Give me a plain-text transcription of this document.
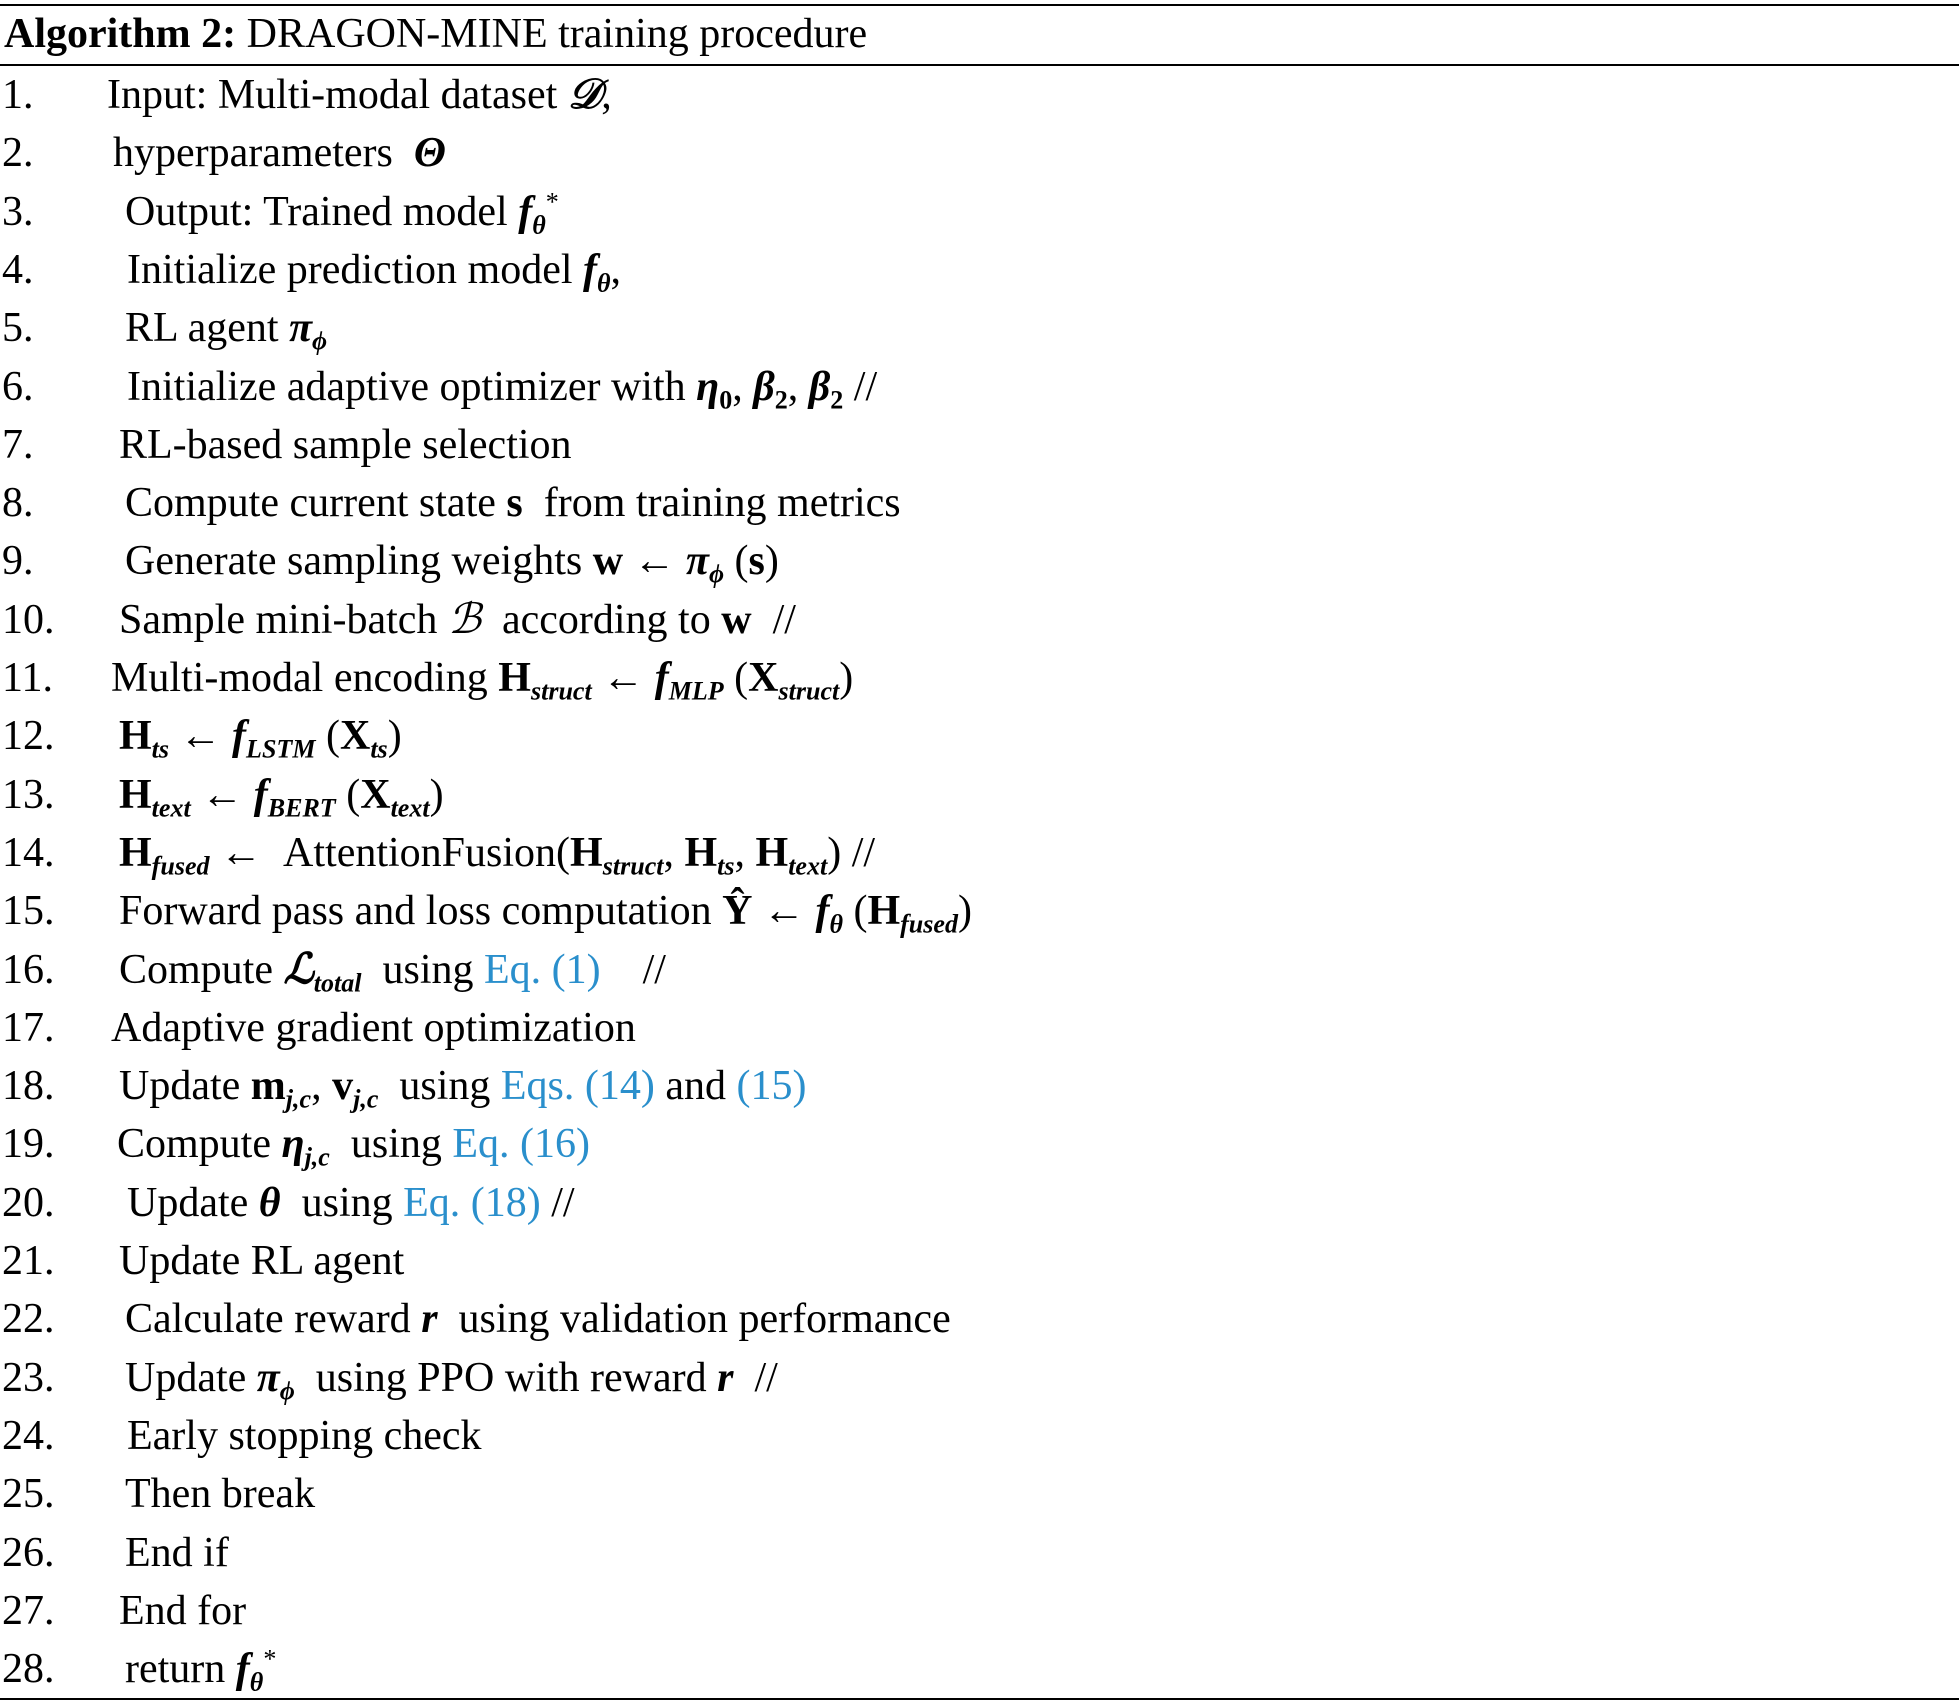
Algorithm 2: DRAGON-MINE training procedure
1. Input: Multi-modal dataset 𝒟,
2. hyperparameters  Θ
3. Output: Trained model $f_\theta^*$
4. Initialize prediction model $f_\theta$,
5. RL agent $\pi_\phi$
6. Initialize adaptive optimizer with $\eta_0$, $\beta_2$, $\beta_2$ //
7. RL-based sample selection
8. Compute current state s  from training metrics
9. Generate sampling weights w ← $\pi_\phi$ (s)
10. Sample mini-batch ℬ  according to w  //
11. Multi-modal encoding $H_{struct}$ ← $f_{MLP}$ $(X_{struct})$
12. $H_{ts}$ ← $f_{LSTM}$ $(X_{ts})$
13. $H_{text}$ ← $f_{BERT}$ $(X_{text})$
14. $H_{fused}$ ←  $AttentionFusion(H_{struct}$, $H_{ts}$, $H_{text}$) //
15. Forward pass and loss computation Ŷ ← $f_\theta$ $(H_{fused})$
16. Compute ℒ$_{total}$  using Eq. (1)    //
17. Adaptive gradient optimization
18. Update $m_{j,c}$, $v_{j,c}$  using Eqs. (14) and (15)
19. Compute $\eta_{j,c}$  using Eq. (16)
20. Update θ  using Eq. (18) //
21. Update RL agent
22. Calculate reward r  using validation performance
23. Update $\pi_\phi$  using PPO with reward r  //
24. Early stopping check
25. Then break
26. End if
27. End for
28. return $f_\theta^*$
